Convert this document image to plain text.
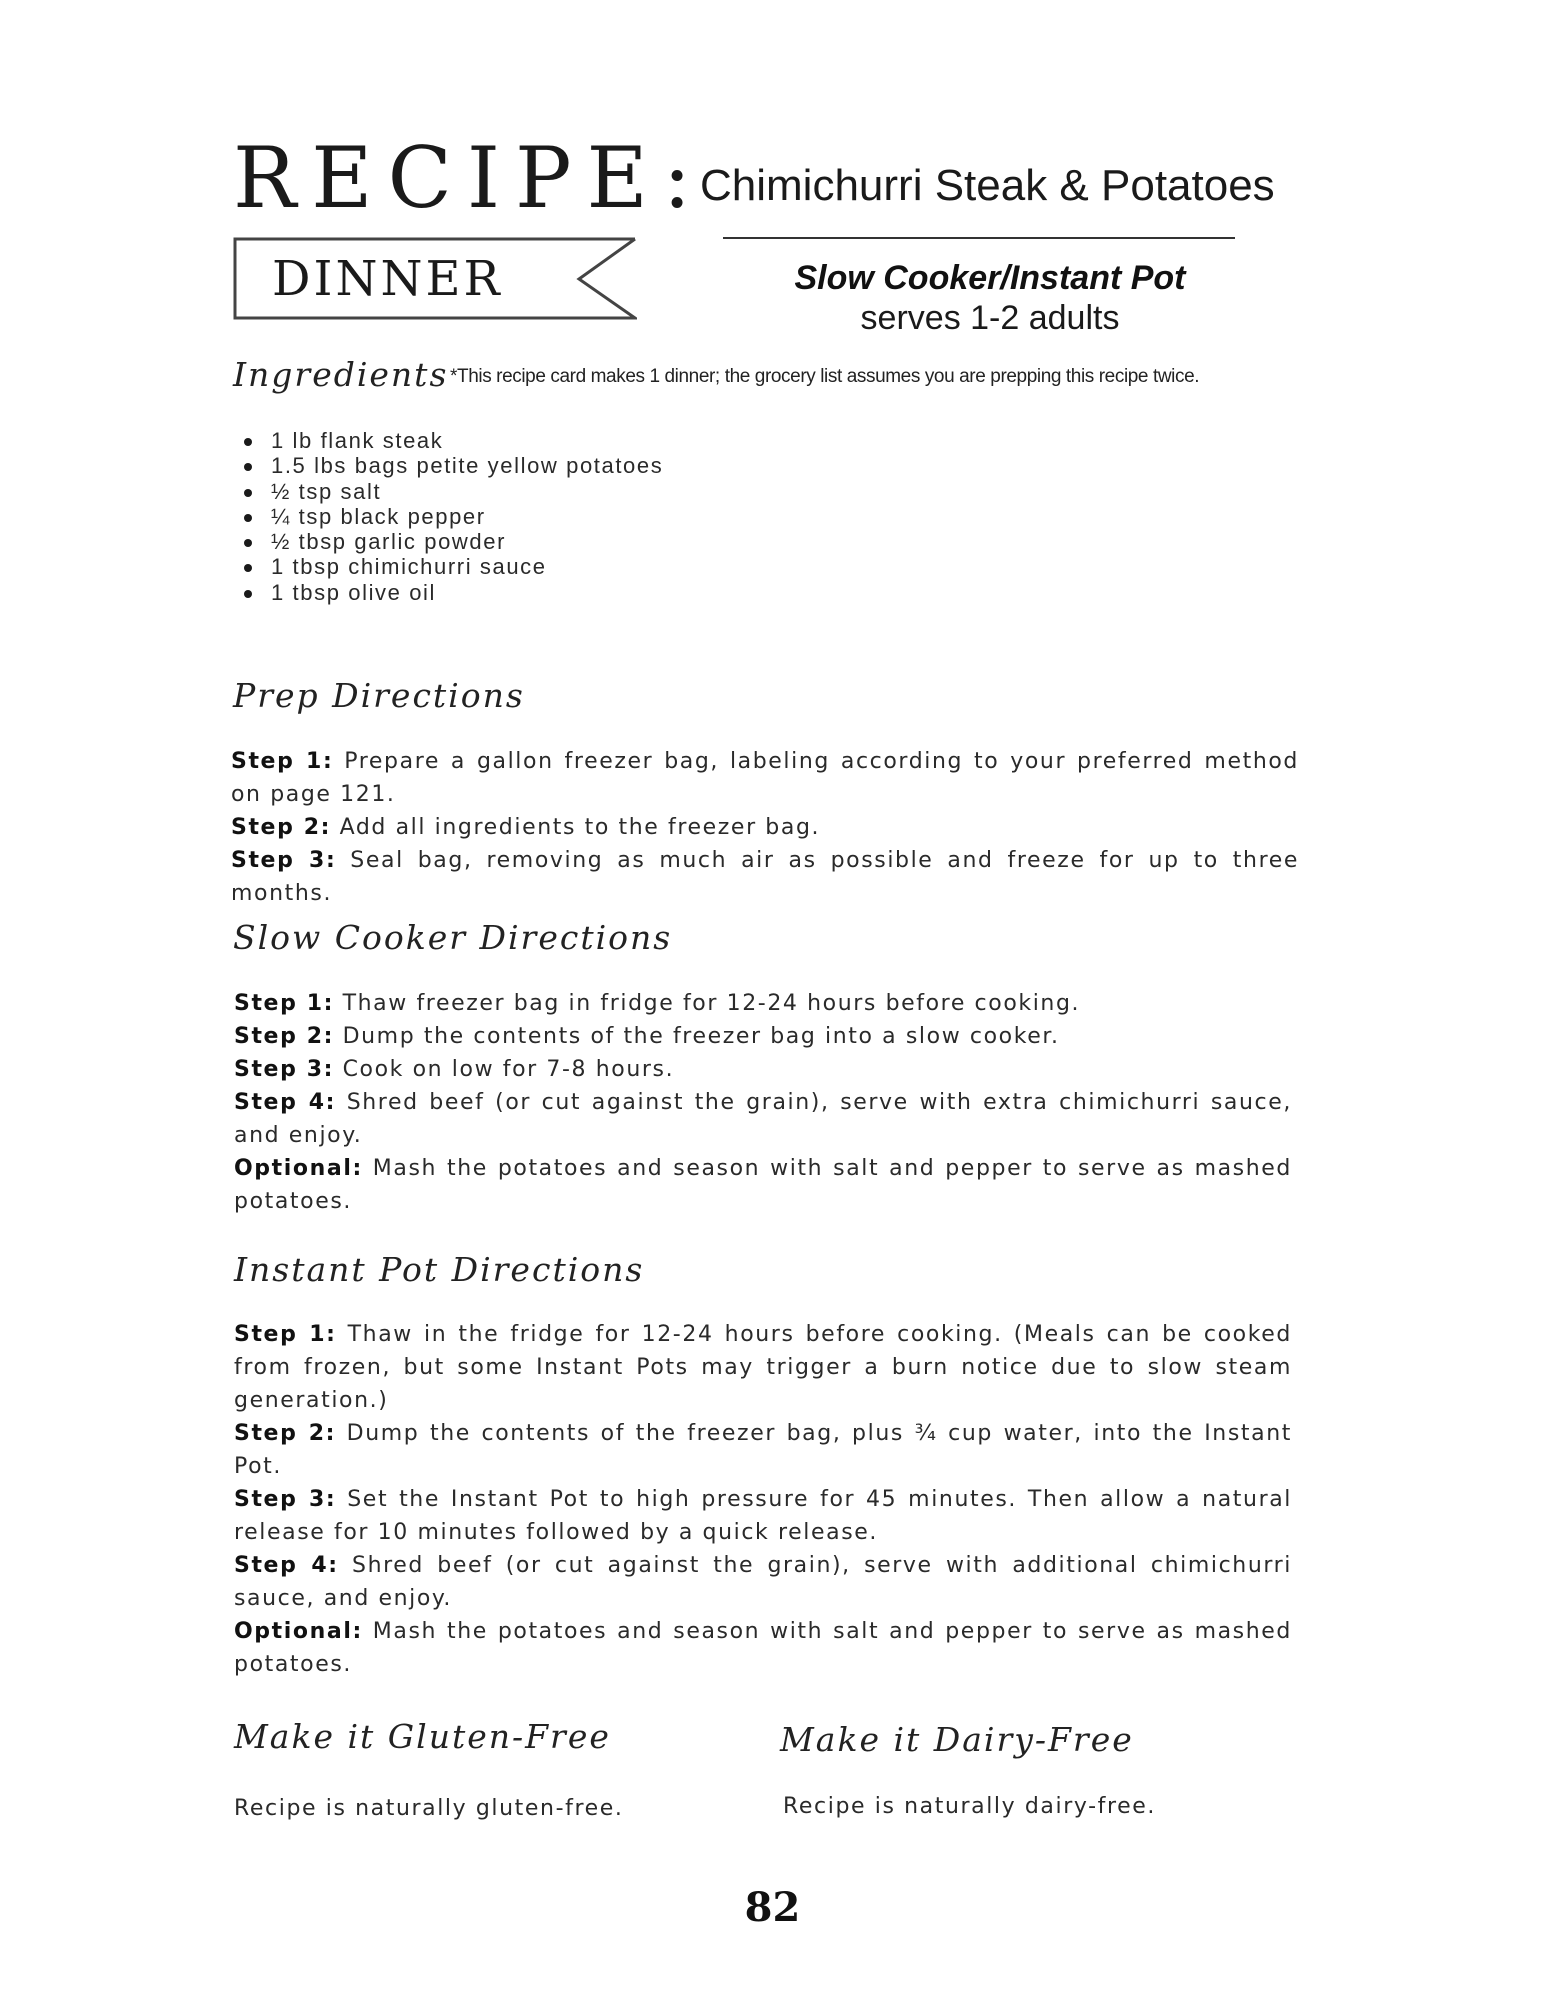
RECIPE:
Chimichurri Steak & Potatoes
Slow Cooker/Instant Pot
serves 1-2 adults
DINNER
Ingredients *This recipe card makes 1 dinner; the grocery list assumes you are prepping this recipe twice.
1 lb flank steak
1.5 lbs bags petite yellow potatoes
½ tsp salt
¼ tsp black pepper
½ tbsp garlic powder
1 tbsp chimichurri sauce
1 tbsp olive oil
Prep Directions

Step 1: Prepare a gallon freezer bag, labeling according to your preferred method on page 121.

Step 2: Add all ingredients to the freezer bag.

Step 3: Seal bag, removing as much air as possible and freeze for up to three months.

Slow Cooker Directions

Step 1: Thaw freezer bag in fridge for 12-24 hours before cooking.

Step 2: Dump the contents of the freezer bag into a slow cooker.

Step 3: Cook on low for 7-8 hours.

Step 4: Shred beef (or cut against the grain), serve with extra chimichurri sauce, and enjoy.

Optional: Mash the potatoes and season with salt and pepper to serve as mashed potatoes.

Instant Pot Directions

Step 1: Thaw in the fridge for 12-24 hours before cooking. (Meals can be cooked from frozen, but some Instant Pots may trigger a burn notice due to slow steam generation.)

Step 2: Dump the contents of the freezer bag, plus ¾ cup water, into the Instant Pot.

Step 3: Set the Instant Pot to high pressure for 45 minutes. Then allow a natural release for 10 minutes followed by a quick release.

Step 4: Shred beef (or cut against the grain), serve with additional chimichurri sauce, and enjoy.

Optional: Mash the potatoes and season with salt and pepper to serve as mashed potatoes.

Make it Gluten-Free
Recipe is naturally gluten-free.
Make it Dairy-Free
Recipe is naturally dairy-free.
82
